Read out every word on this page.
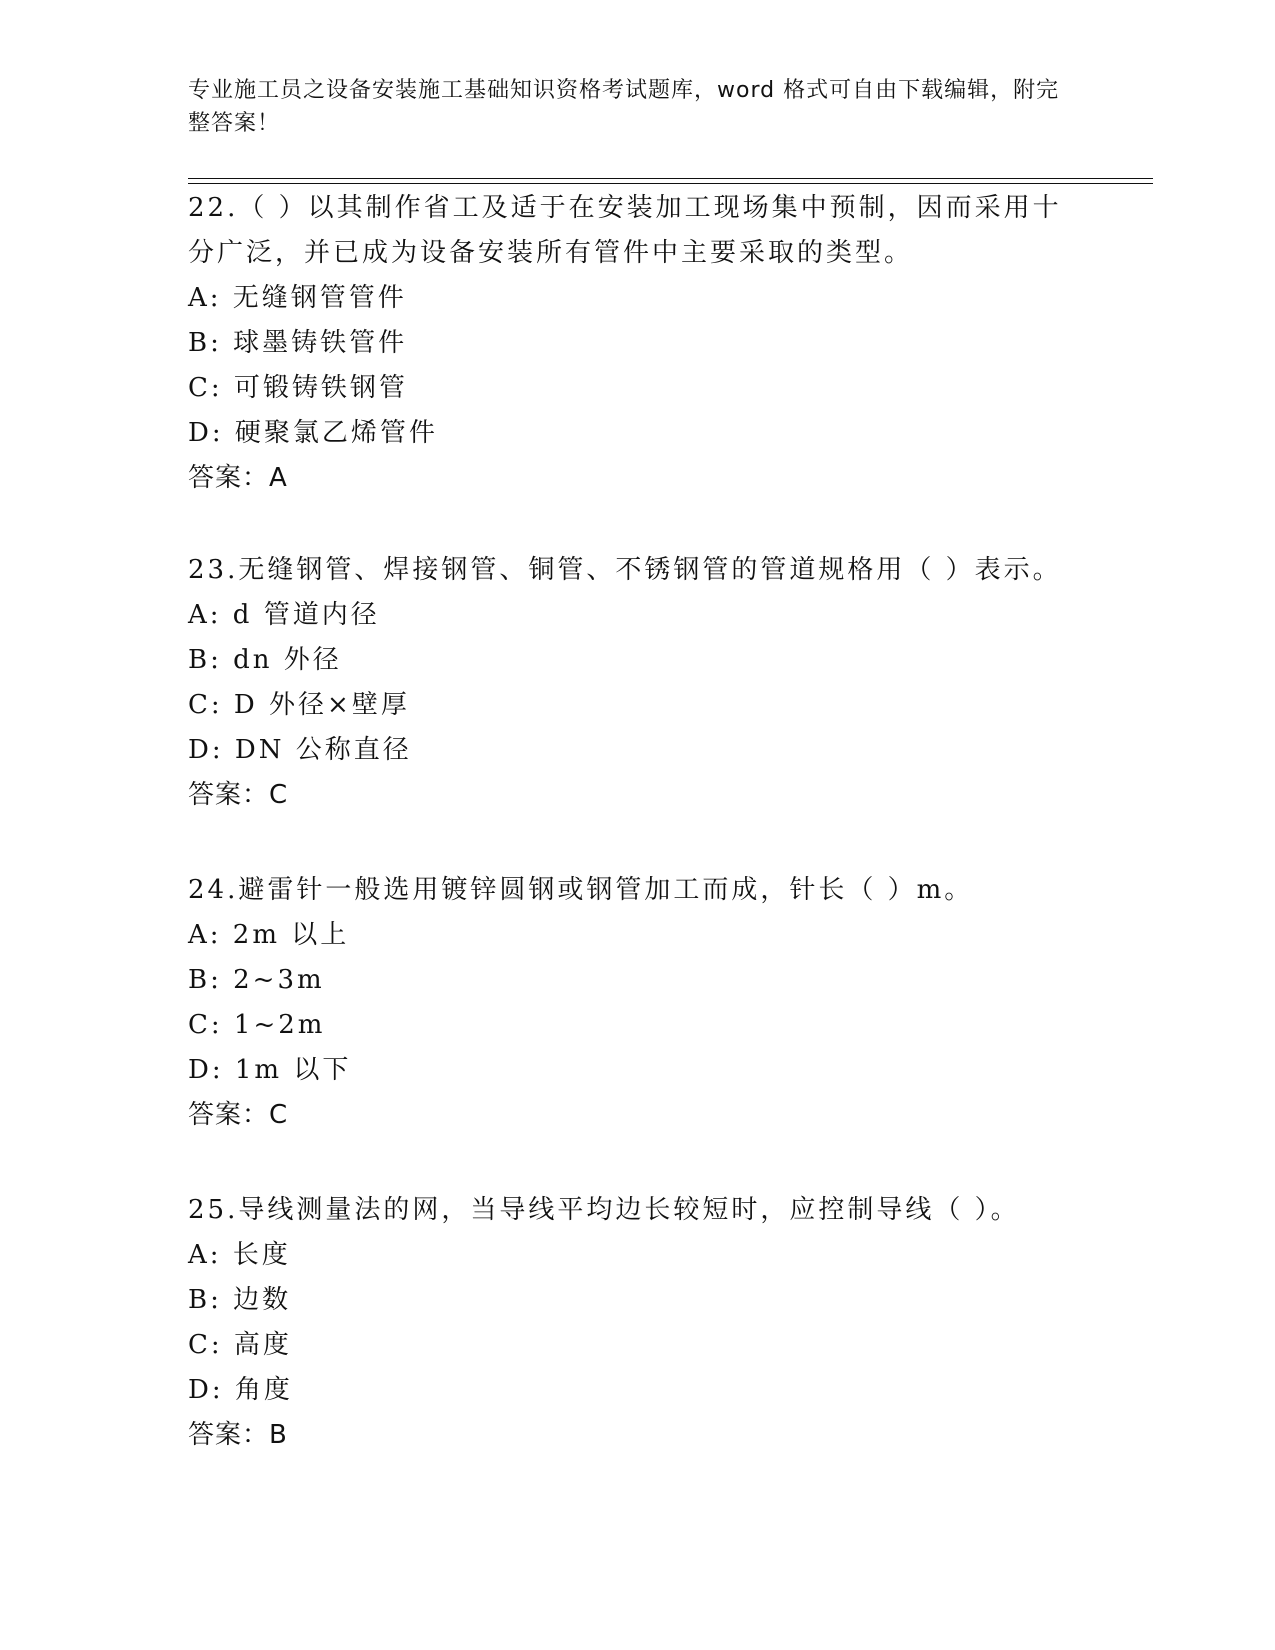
专业施工员之设备安装施工基础知识资格考试题库，word 格式可自由下载编辑，附完整答案！
22.（ ）以其制作省工及适于在安装加工现场集中预制，因而采用十分广泛，并已成为设备安装所有管件中主要采取的类型。
A: 无缝钢管管件
B: 球墨铸铁管件
C: 可锻铸铁钢管
D: 硬聚氯乙烯管件
答案：A
23.无缝钢管、焊接钢管、铜管、不锈钢管的管道规格用（ ）表示。
A: d 管道内径
B: dn 外径
C: D 外径×壁厚
D: DN 公称直径
答案：C
24.避雷针一般选用镀锌圆钢或钢管加工而成，针长（ ）m。
A: 2m 以上
B: 2~3m
C: 1~2m
D: 1m 以下
答案：C
25.导线测量法的网，当导线平均边长较短时，应控制导线（ ）。
A: 长度
B: 边数
C: 高度
D: 角度
答案：B
